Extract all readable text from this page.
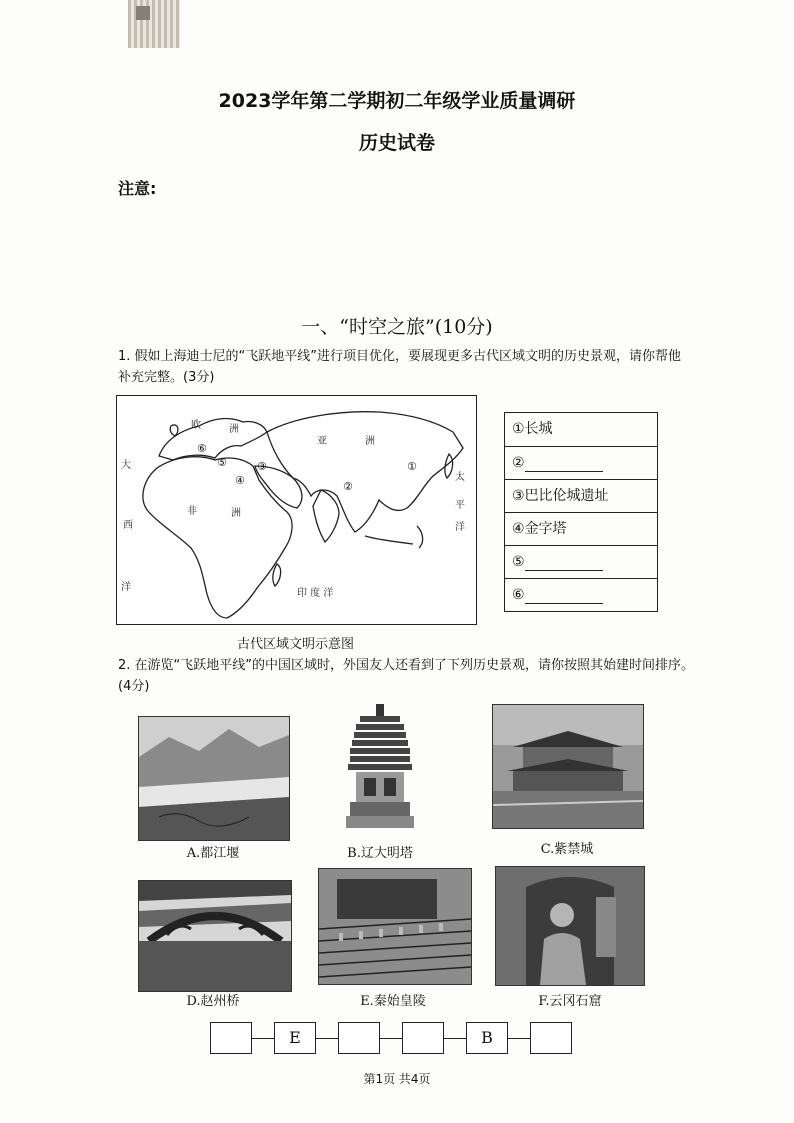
2023学年第二学期初二年级学业质量调研
历史试卷
注意:
一、“时空之旅”(10分)
1. 假如上海迪士尼的“飞跃地平线”进行项目优化，要展现更多古代区域文明的历史景观，请你帮他补充完整。(3分)
欧	洲
亚	洲
大
西
洋
非	洲
印 度 洋
太
平
洋
①
②
③
④
⑤
⑥
古代区域文明示意图
①长城
②
③巴比伦城遗址
④金字塔
⑤
⑥
2. 在游览“飞跃地平线”的中国区域时，外国友人还看到了下列历史景观，请你按照其始建时间排序。(4分)
A.都江堰	B.辽大明塔	C.紫禁城
D.赵州桥	E.秦始皇陵	F.云冈石窟
E	B
第1页 共4页
